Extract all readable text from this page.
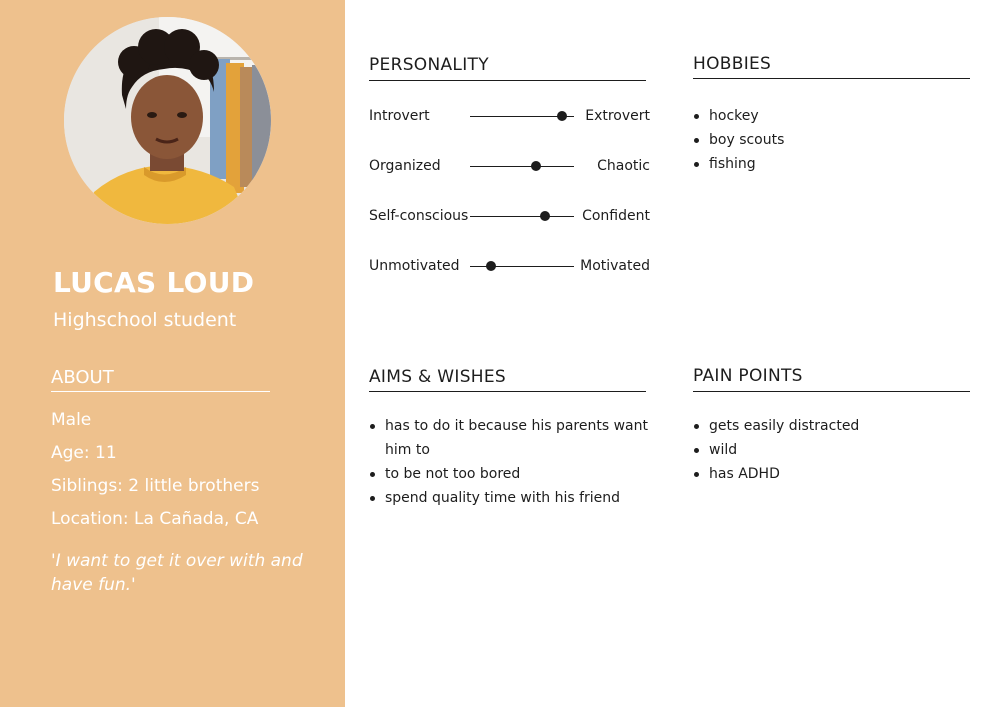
LUCAS LOUD
Highschool student
ABOUT
Male
Age: 11
Siblings: 2 little brothers
Location: La Cañada, CA
'I want to get it over with and have fun.'
PERSONALITY
Introvert	Extrovert
Organized	Chaotic
Self-conscious	Confident
Unmotivated	Motivated
HOBBIES
hockey
boy scouts
fishing
AIMS & WISHES
has to do it because his parents want him to
to be not too bored
spend quality time with his friend
PAIN POINTS
gets easily distracted
wild
has ADHD
